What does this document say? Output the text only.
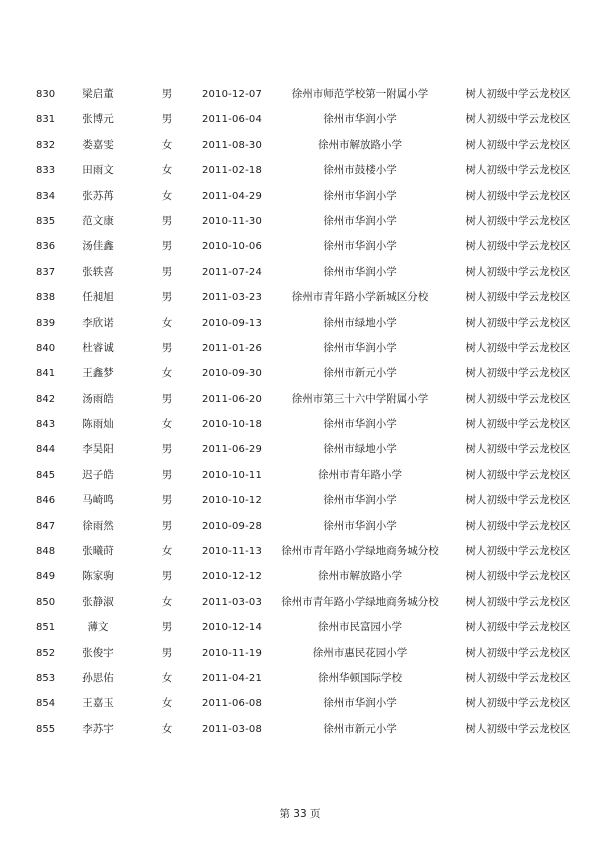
830	梁启董	男	2010-12-07	徐州市师范学校第一附属小学	树人初级中学云龙校区
831	张博元	男	2011-06-04	徐州市华润小学	树人初级中学云龙校区
832	娄嘉雯	女	2011-08-30	徐州市解放路小学	树人初级中学云龙校区
833	田雨文	女	2011-02-18	徐州市鼓楼小学	树人初级中学云龙校区
834	张苏苒	女	2011-04-29	徐州市华润小学	树人初级中学云龙校区
835	范文康	男	2010-11-30	徐州市华润小学	树人初级中学云龙校区
836	汤佳鑫	男	2010-10-06	徐州市华润小学	树人初级中学云龙校区
837	张轶喜	男	2011-07-24	徐州市华润小学	树人初级中学云龙校区
838	任昶旭	男	2011-03-23	徐州市青年路小学新城区分校	树人初级中学云龙校区
839	李欣诺	女	2010-09-13	徐州市绿地小学	树人初级中学云龙校区
840	杜睿诚	男	2011-01-26	徐州市华润小学	树人初级中学云龙校区
841	王鑫梦	女	2010-09-30	徐州市新元小学	树人初级中学云龙校区
842	汤雨皓	男	2011-06-20	徐州市第三十六中学附属小学	树人初级中学云龙校区
843	陈雨灿	女	2010-10-18	徐州市华润小学	树人初级中学云龙校区
844	李昊阳	男	2011-06-29	徐州市绿地小学	树人初级中学云龙校区
845	迟子皓	男	2010-10-11	徐州市青年路小学	树人初级中学云龙校区
846	马崎鸣	男	2010-10-12	徐州市华润小学	树人初级中学云龙校区
847	徐雨然	男	2010-09-28	徐州市华润小学	树人初级中学云龙校区
848	张曦莳	女	2010-11-13	徐州市青年路小学绿地商务城分校	树人初级中学云龙校区
849	陈家驹	男	2010-12-12	徐州市解放路小学	树人初级中学云龙校区
850	张静淑	女	2011-03-03	徐州市青年路小学绿地商务城分校	树人初级中学云龙校区
851	薄文	男	2010-12-14	徐州市民富园小学	树人初级中学云龙校区
852	张俊宇	男	2010-11-19	徐州市惠民花园小学	树人初级中学云龙校区
853	孙思佑	女	2011-04-21	徐州华顿国际学校	树人初级中学云龙校区
854	王嘉玉	女	2011-06-08	徐州市华润小学	树人初级中学云龙校区
855	李苏宇	女	2011-03-08	徐州市新元小学	树人初级中学云龙校区
第 33 页
